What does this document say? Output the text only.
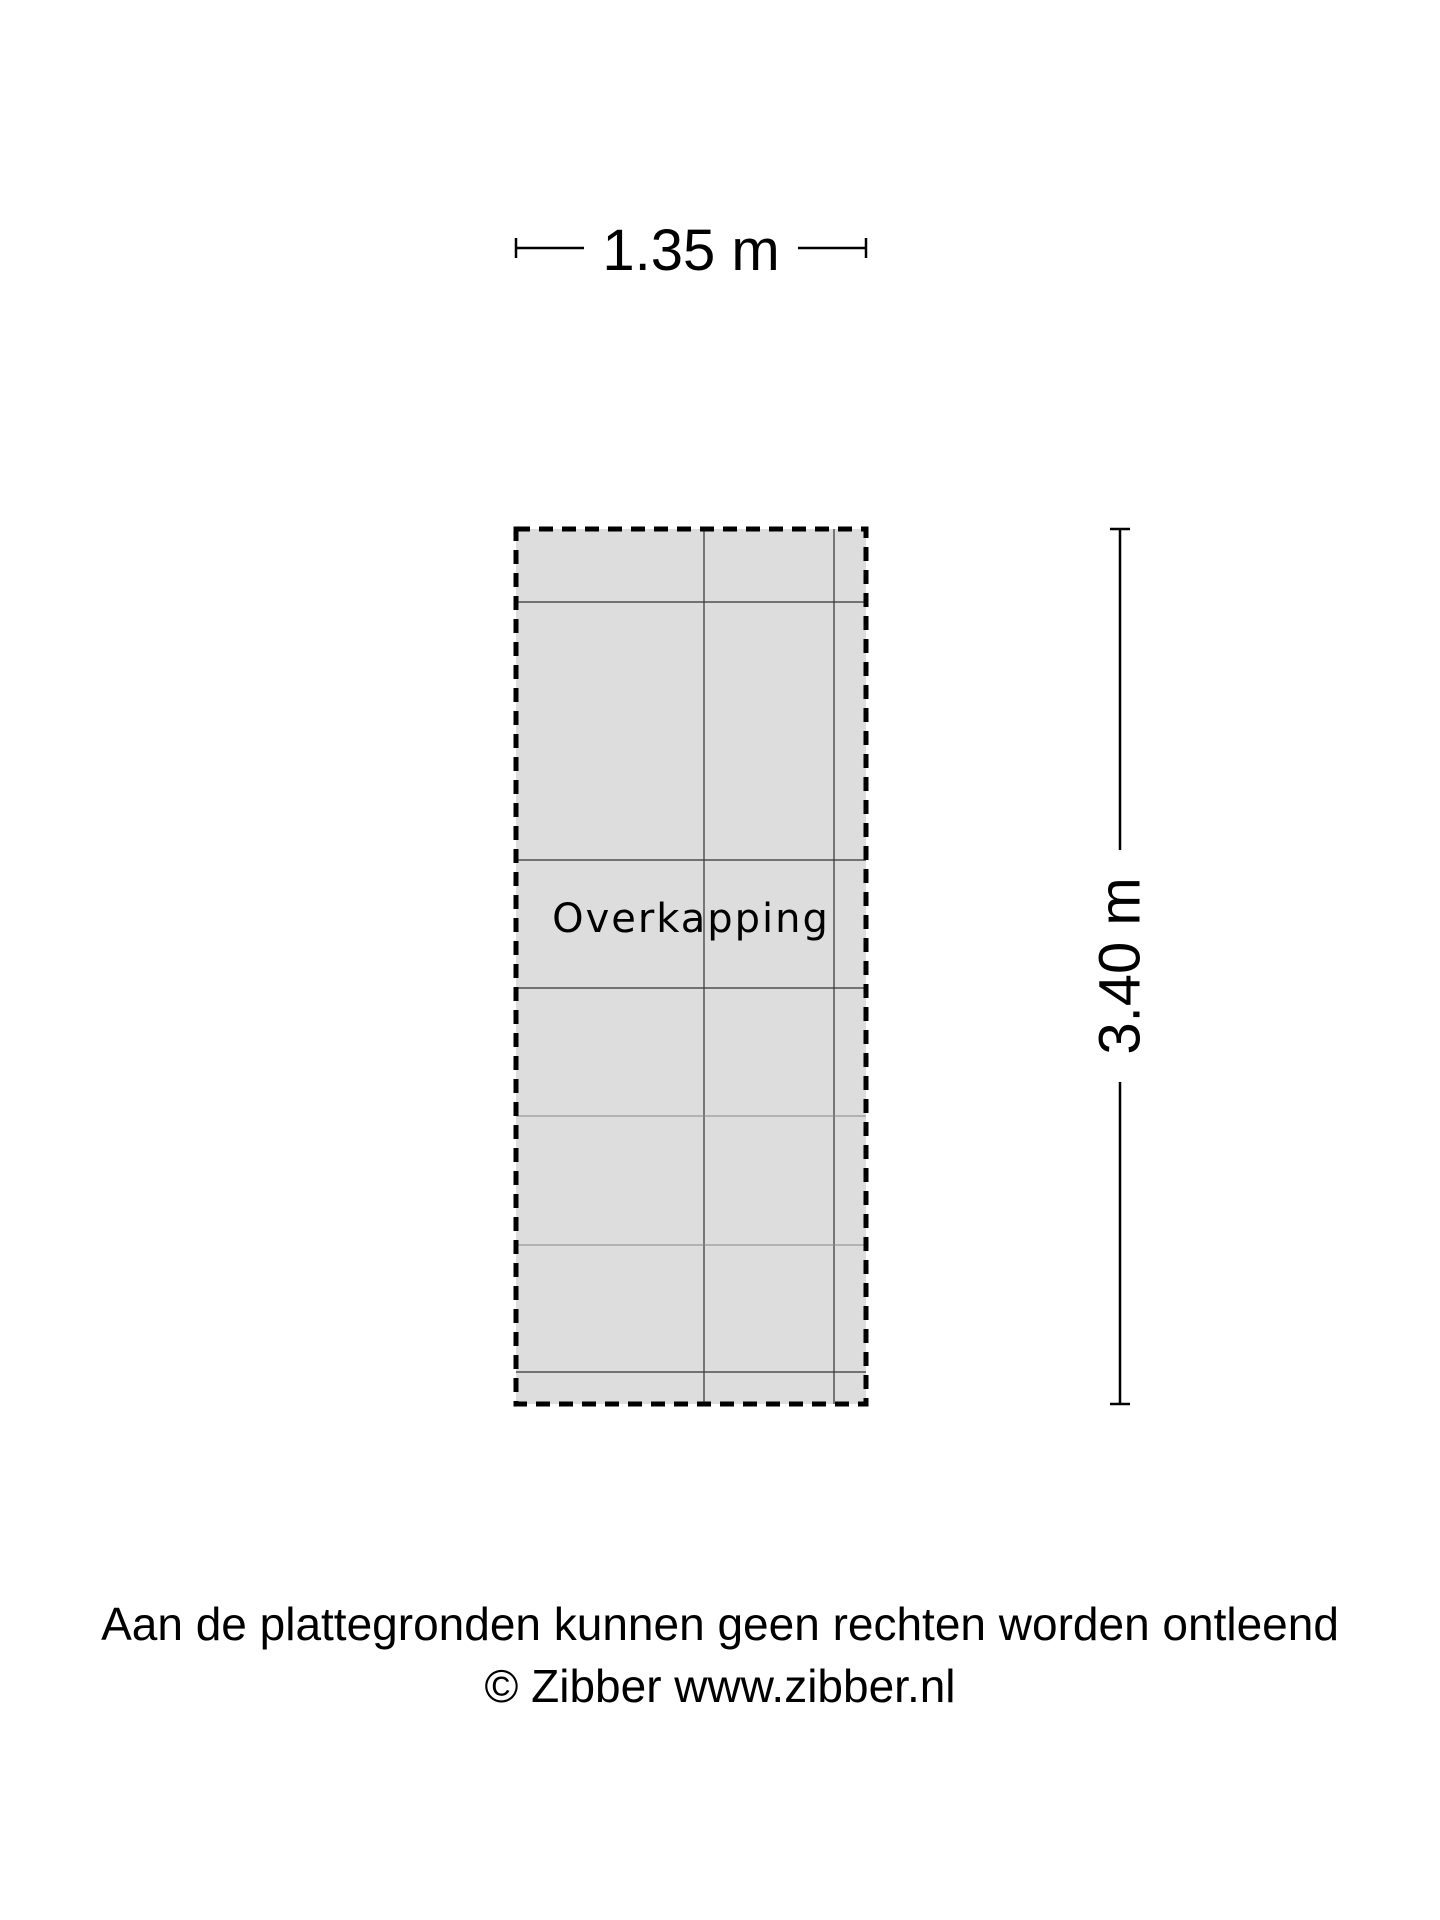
1.35 m
Overkapping	3.40 m
Aan de plattegronden kunnen geen rechten worden ontleend
© Zibber www.zibber.nl
